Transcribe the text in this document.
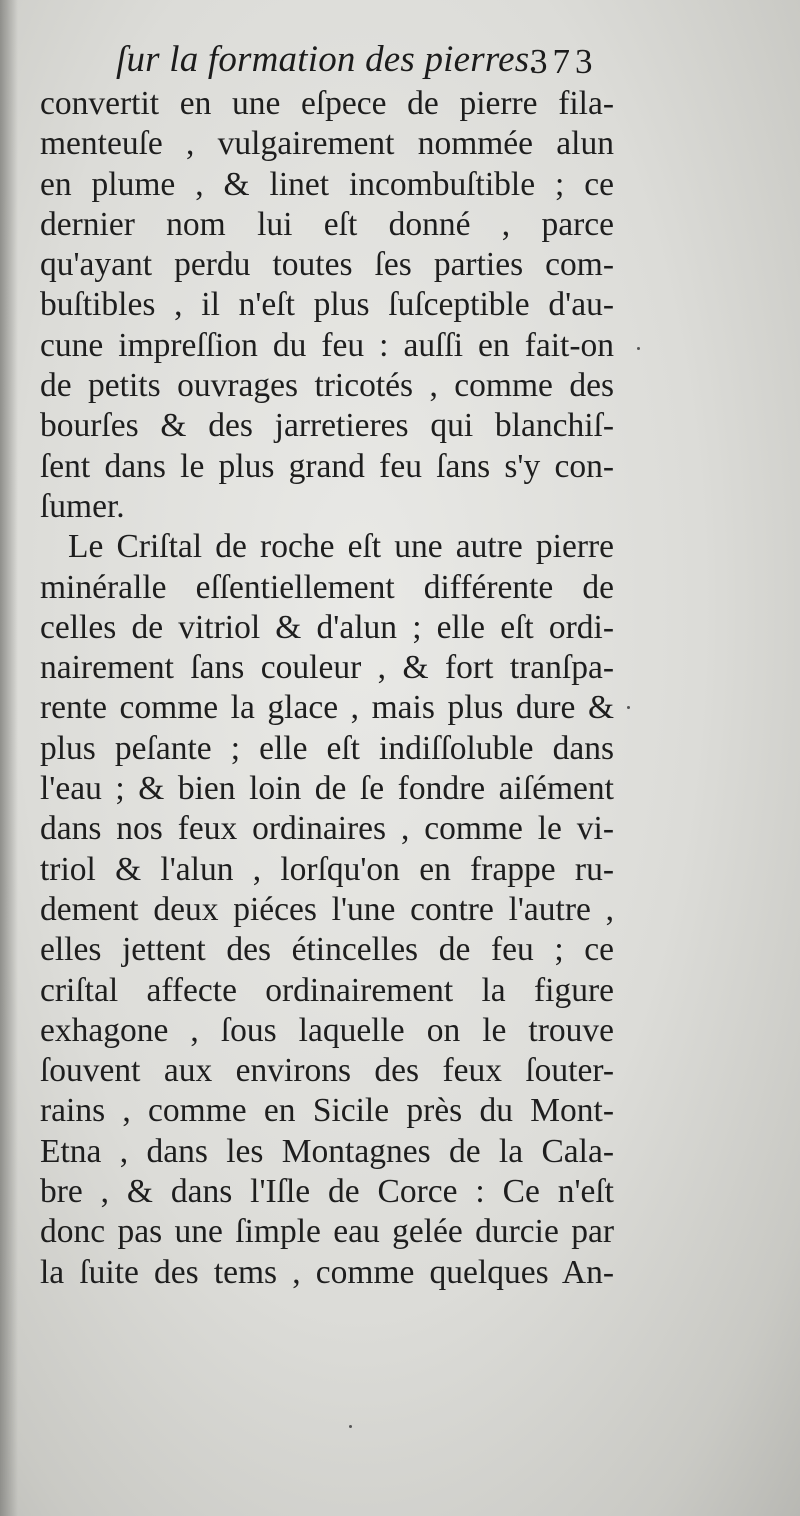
ſur la formation des pierres.
373
convertit en une eſpece de pierre fila-
menteuſe , vulgairement nommée alun
en plume , & linet incombuſtible ; ce
dernier nom lui eſt donné , parce
qu'ayant perdu toutes ſes parties com-
buſtibles , il n'eſt plus ſuſceptible d'au-
cune impreſſion du feu : auſſi en fait-on
de petits ouvrages tricotés , comme des
bourſes & des jarretieres qui blanchiſ-
ſent dans le plus grand feu ſans s'y con-
ſumer.
Le Criſtal de roche eſt une autre pierre
minéralle eſſentiellement différente de
celles de vitriol & d'alun ; elle eſt ordi-
nairement ſans couleur , & fort tranſpa-
rente comme la glace , mais plus dure &
plus peſante ; elle eſt indiſſoluble dans
l'eau ; & bien loin de ſe fondre aiſément
dans nos feux ordinaires , comme le vi-
triol & l'alun , lorſqu'on en frappe ru-
dement deux piéces l'une contre l'autre ,
elles jettent des étincelles de feu ; ce
criſtal affecte ordinairement la figure
exhagone , ſous laquelle on le trouve
ſouvent aux environs des feux ſouter-
rains , comme en Sicile près du Mont-
Etna , dans les Montagnes de la Cala-
bre , & dans l'Iſle de Corce : Ce n'eſt
donc pas une ſimple eau gelée durcie par
la ſuite des tems , comme quelques An-
